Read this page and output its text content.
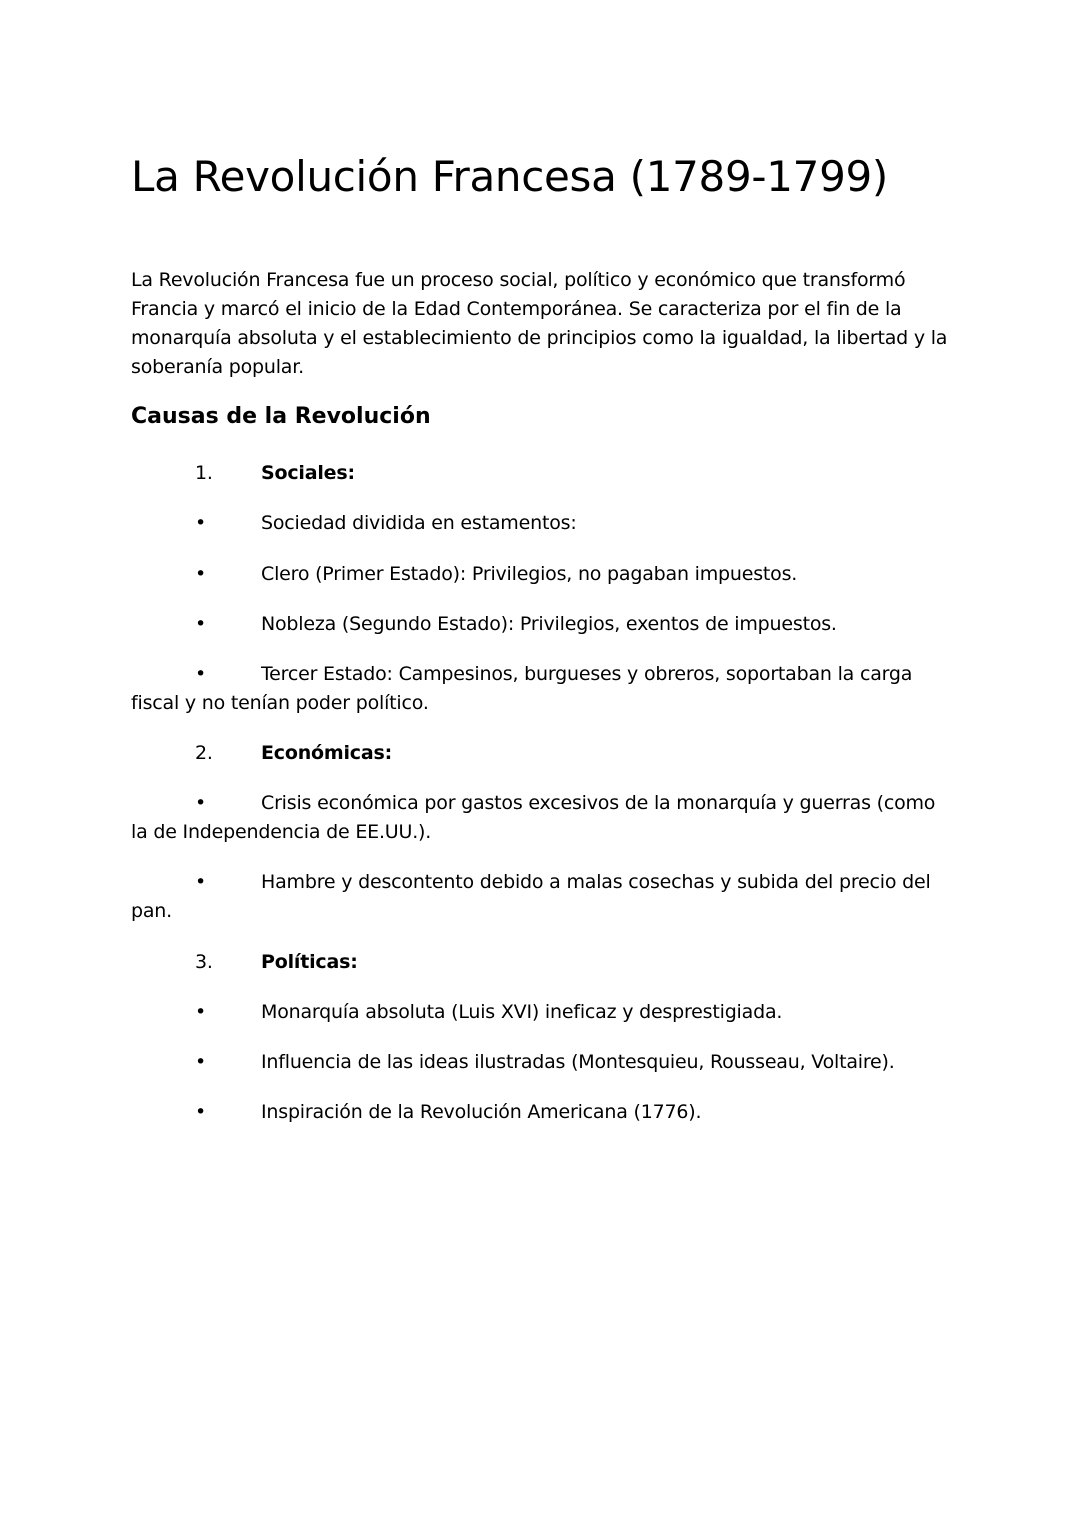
La Revolución Francesa (1789-1799)

La Revolución Francesa fue un proceso social, político y económico que transformó Francia y marcó el inicio de la Edad Contemporánea. Se caracteriza por el fin de la monarquía absoluta y el establecimiento de principios como la igualdad, la libertad y la soberanía popular.

Causas de la Revolución
1.	Sociales:
•	Sociedad dividida en estamentos:
•	Clero (Primer Estado): Privilegios, no pagaban impuestos.
•	Nobleza (Segundo Estado): Privilegios, exentos de impuestos.
•	Tercer Estado: Campesinos, burgueses y obreros, soportaban la carga fiscal y no tenían poder político.
2.	Económicas:
•	Crisis económica por gastos excesivos de la monarquía y guerras (como la de Independencia de EE.UU.).
•	Hambre y descontento debido a malas cosechas y subida del precio del pan.
3.	Políticas:
•	Monarquía absoluta (Luis XVI) ineficaz y desprestigiada.
•	Influencia de las ideas ilustradas (Montesquieu, Rousseau, Voltaire).
•	Inspiración de la Revolución Americana (1776).
